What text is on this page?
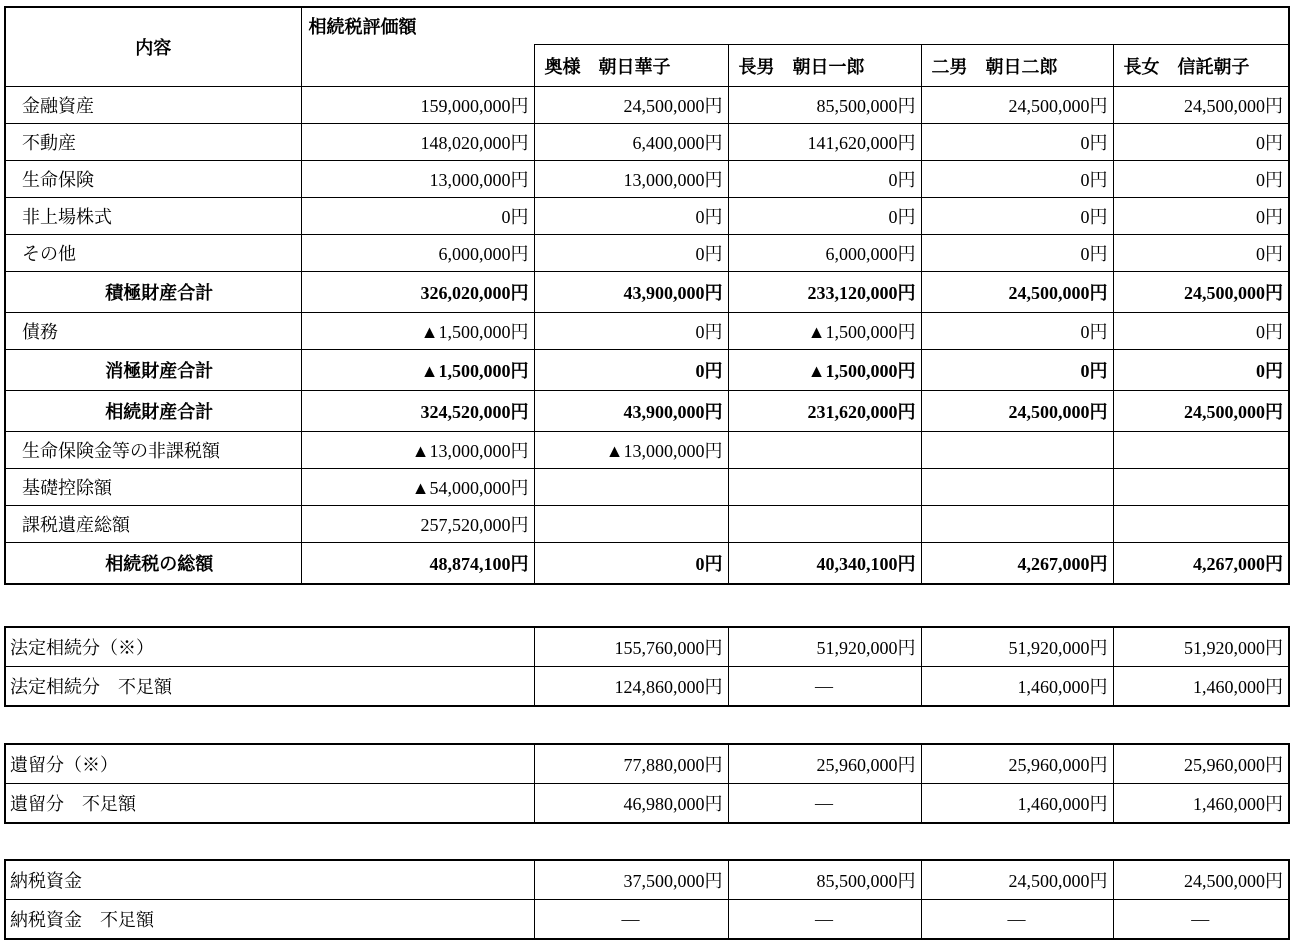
内容	相続税評価額				
		奥様　朝日華子	長男　朝日一郎	二男　朝日二郎	長女　信託朝子
金融資産	159,000,000円	24,500,000円	85,500,000円	24,500,000円	24,500,000円
不動産	148,020,000円	6,400,000円	141,620,000円	0円	0円
生命保険	13,000,000円	13,000,000円	0円	0円	0円
非上場株式	0円	0円	0円	0円	0円
その他	6,000,000円	0円	6,000,000円	0円	0円
積極財産合計	326,020,000円	43,900,000円	233,120,000円	24,500,000円	24,500,000円
債務	▲1,500,000円	0円	▲1,500,000円	0円	0円
消極財産合計	▲1,500,000円	0円	▲1,500,000円	0円	0円
相続財産合計	324,520,000円	43,900,000円	231,620,000円	24,500,000円	24,500,000円
生命保険金等の非課税額	▲13,000,000円	▲13,000,000円			
基礎控除額	▲54,000,000円				
課税遺産総額	257,520,000円				
相続税の総額	48,874,100円	0円	40,340,100円	4,267,000円	4,267,000円
法定相続分（※）	155,760,000円	51,920,000円	51,920,000円	51,920,000円
法定相続分　不足額	124,860,000円	―	1,460,000円	1,460,000円
遺留分（※）	77,880,000円	25,960,000円	25,960,000円	25,960,000円
遺留分　不足額	46,980,000円	―	1,460,000円	1,460,000円
納税資金	37,500,000円	85,500,000円	24,500,000円	24,500,000円
納税資金　不足額	―	―	―	―
